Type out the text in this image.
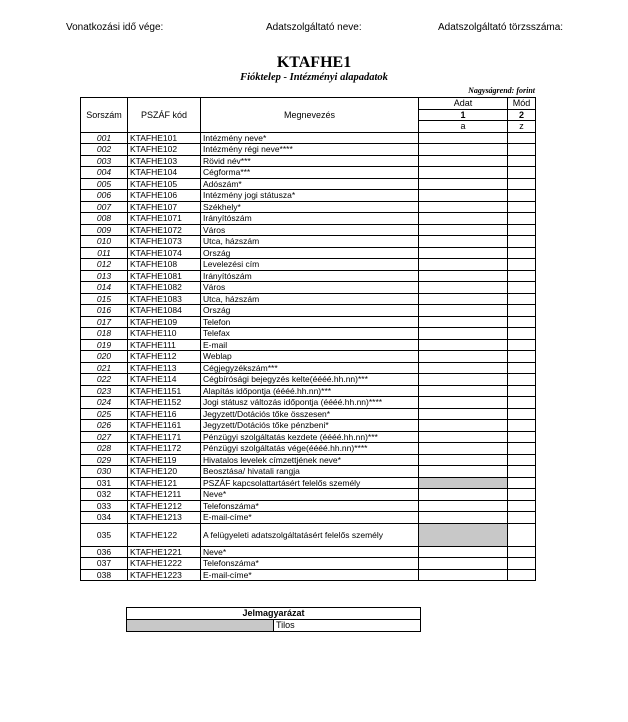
Vonatkozási idő vége:	Adatszolgáltató neve:	Adatszolgáltató törzsszáma:
KTAFHE1
Fióktelep - Intézményi alapadatok
Nagyságrend: forint
Sorszám	PSZÁF kód	Megnevezés	Adat	Mód
			1	2
			a	z
001	KTAFHE101	Intézmény neve*		
002	KTAFHE102	Intézmény régi neve****		
003	KTAFHE103	Rövid név***		
004	KTAFHE104	Cégforma***		
005	KTAFHE105	Adószám*		
006	KTAFHE106	Intézmény jogi státusza*		
007	KTAFHE107	Székhely*		
008	KTAFHE1071	Irányítószám		
009	KTAFHE1072	Város		
010	KTAFHE1073	Utca, házszám		
011	KTAFHE1074	Ország		
012	KTAFHE108	Levelezési cím		
013	KTAFHE1081	Irányítószám		
014	KTAFHE1082	Város		
015	KTAFHE1083	Utca, házszám		
016	KTAFHE1084	Ország		
017	KTAFHE109	Telefon		
018	KTAFHE110	Telefax		
019	KTAFHE111	E-mail		
020	KTAFHE112	Weblap		
021	KTAFHE113	Cégjegyzékszám***		
022	KTAFHE114	Cégbírósági bejegyzés kelte(éééé.hh.nn)***		
023	KTAFHE1151	Alapítás időpontja (éééé.hh.nn)***		
024	KTAFHE1152	Jogi státusz változás időpontja (éééé.hh.nn)****		
025	KTAFHE116	Jegyzett/Dotációs tőke összesen*		
026	KTAFHE1161	Jegyzett/Dotációs tőke pénzbeni*		
027	KTAFHE1171	Pénzügyi szolgáltatás kezdete (éééé.hh.nn)***		
028	KTAFHE1172	Pénzügyi szolgáltatás vége(éééé.hh.nn)****		
029	KTAFHE119	Hivatalos levelek címzettjének neve*		
030	KTAFHE120	Beosztása/ hivatali rangja		
031	KTAFHE121	PSZÁF kapcsolattartásért felelős személy		
032	KTAFHE1211	Neve*		
033	KTAFHE1212	Telefonszáma*		
034	KTAFHE1213	E-mail-címe*		
035	KTAFHE122	A felügyeleti adatszolgáltatásért felelős személy		
036	KTAFHE1221	Neve*		
037	KTAFHE1222	Telefonszáma*		
038	KTAFHE1223	E-mail-címe*		
Jelmagyarázat
	Tilos
